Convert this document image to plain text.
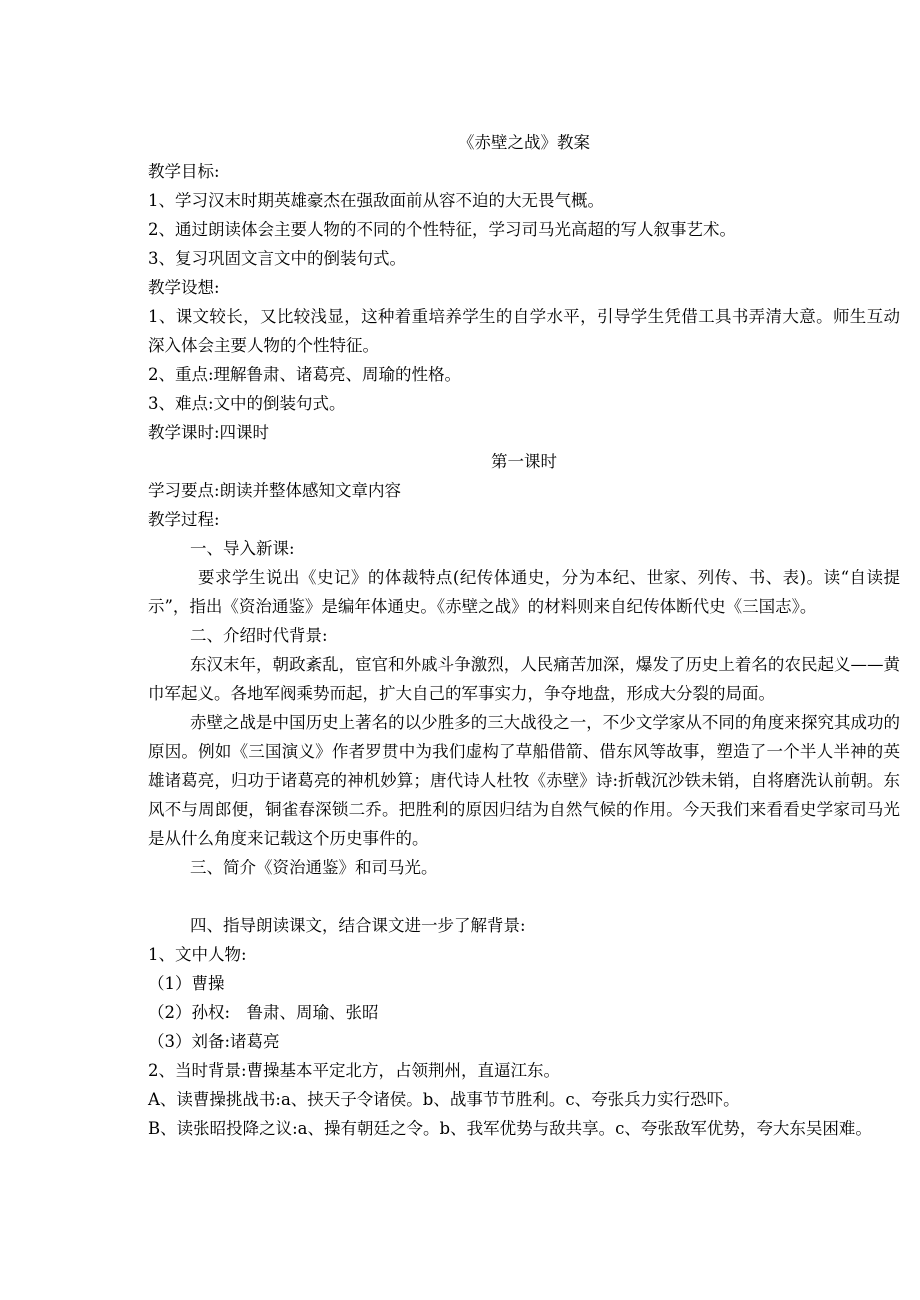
《赤壁之战》教案
教学目标:
1、学习汉末时期英雄豪杰在强敌面前从容不迫的大无畏气概。
2、通过朗读体会主要人物的不同的个性特征，学习司马光高超的写人叙事艺术。
3、复习巩固文言文中的倒装句式。
教学设想:
1、课文较长，又比较浅显，这种着重培养学生的自学水平，引导学生凭借工具书弄清大意。师生互动深入体会主要人物的个性特征。
2、重点:理解鲁肃、诸葛亮、周瑜的性格。
3、难点:文中的倒装句式。
教学课时:四课时
第一课时
学习要点:朗读并整体感知文章内容
教学过程:
一、导入新课:
要求学生说出《史记》的体裁特点(纪传体通史，分为本纪、世家、列传、书、表)。读“自读提示”，指出《资治通鉴》是编年体通史。《赤壁之战》的材料则来自纪传体断代史《三国志》。
二、介绍时代背景:
东汉末年，朝政紊乱，宦官和外戚斗争激烈，人民痛苦加深，爆发了历史上着名的农民起义——黄巾军起义。各地军阀乘势而起，扩大自己的军事实力，争夺地盘，形成大分裂的局面。
赤壁之战是中国历史上著名的以少胜多的三大战役之一，不少文学家从不同的角度来探究其成功的原因。例如《三国演义》作者罗贯中为我们虚构了草船借箭、借东风等故事，塑造了一个半人半神的英雄诸葛亮，归功于诸葛亮的神机妙算；唐代诗人杜牧《赤壁》诗:折戟沉沙铁未销，自将磨洗认前朝。东风不与周郎便，铜雀春深锁二乔。把胜利的原因归结为自然气候的作用。今天我们来看看史学家司马光是从什么角度来记载这个历史事件的。
三、简介《资治通鉴》和司马光。
四、指导朗读课文，结合课文进一步了解背景:
1、文中人物:
（1）曹操
（2）孙权:　鲁肃、周瑜、张昭
（3）刘备:诸葛亮
2、当时背景:曹操基本平定北方，占领荆州，直逼江东。
A、读曹操挑战书:a、挟天子令诸侯。b、战事节节胜利。c、夸张兵力实行恐吓。
B、读张昭投降之议:a、操有朝廷之令。b、我军优势与敌共享。c、夸张敌军优势，夸大东吴困难。
